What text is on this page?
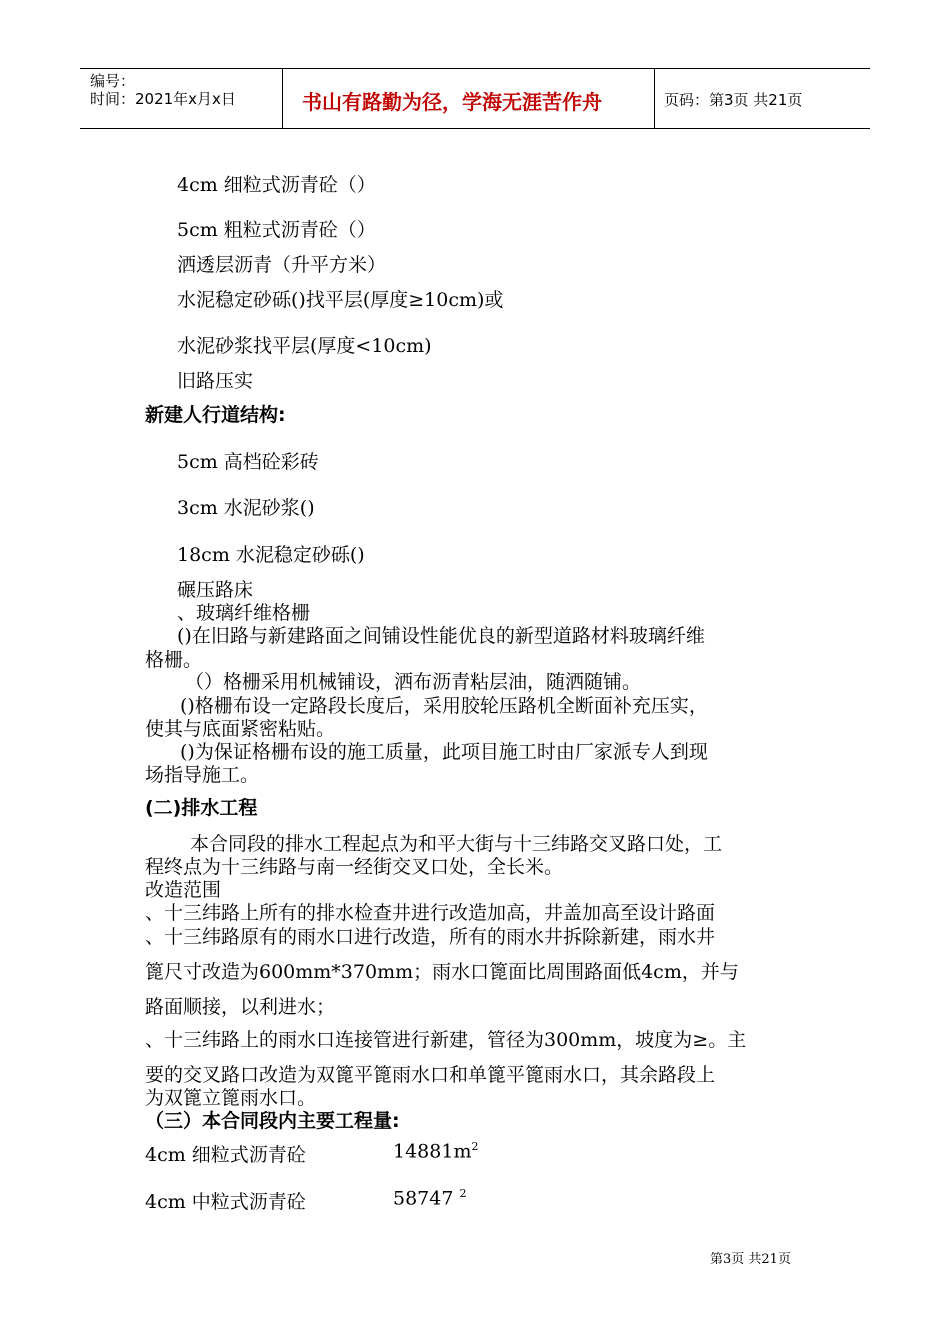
编号：
时间：2021年x月x日	书山有路勤为径，学海无涯苦作舟	页码：第3页 共21页
4cm 细粒式沥青砼（）
5cm 粗粒式沥青砼（）
洒透层沥青（升平方米）
水泥稳定砂砾()找平层(厚度≥10cm)或
水泥砂浆找平层(厚度<10cm)
旧路压实
新建人行道结构:
5cm 高档砼彩砖
3cm 水泥砂浆()
18cm 水泥稳定砂砾()
碾压路床
、玻璃纤维格栅
()在旧路与新建路面之间铺设性能优良的新型道路材料玻璃纤维
格栅。
（）格栅采用机械铺设，洒布沥青粘层油，随洒随铺。
()格栅布设一定路段长度后，采用胶轮压路机全断面补充压实，
使其与底面紧密粘贴。
()为保证格栅布设的施工质量，此项目施工时由厂家派专人到现
场指导施工。
(二)排水工程
本合同段的排水工程起点为和平大街与十三纬路交叉路口处，工
程终点为十三纬路与南一经街交叉口处，全长米。
改造范围
、十三纬路上所有的排水检查井进行改造加高，井盖加高至设计路面
、十三纬路原有的雨水口进行改造，所有的雨水井拆除新建，雨水井
篦尺寸改造为600mm*370mm；雨水口篦面比周围路面低4cm，并与
路面顺接，以利进水；
、十三纬路上的雨水口连接管进行新建，管径为300mm，坡度为≥。主
要的交叉路口改造为双篦平篦雨水口和单篦平篦雨水口，其余路段上
为双篦立篦雨水口。
（三）本合同段内主要工程量:
4cm 细粒式沥青砼	$14881m^2$
4cm 中粒式沥青砼	58747 $^2$
第3页 共21页
